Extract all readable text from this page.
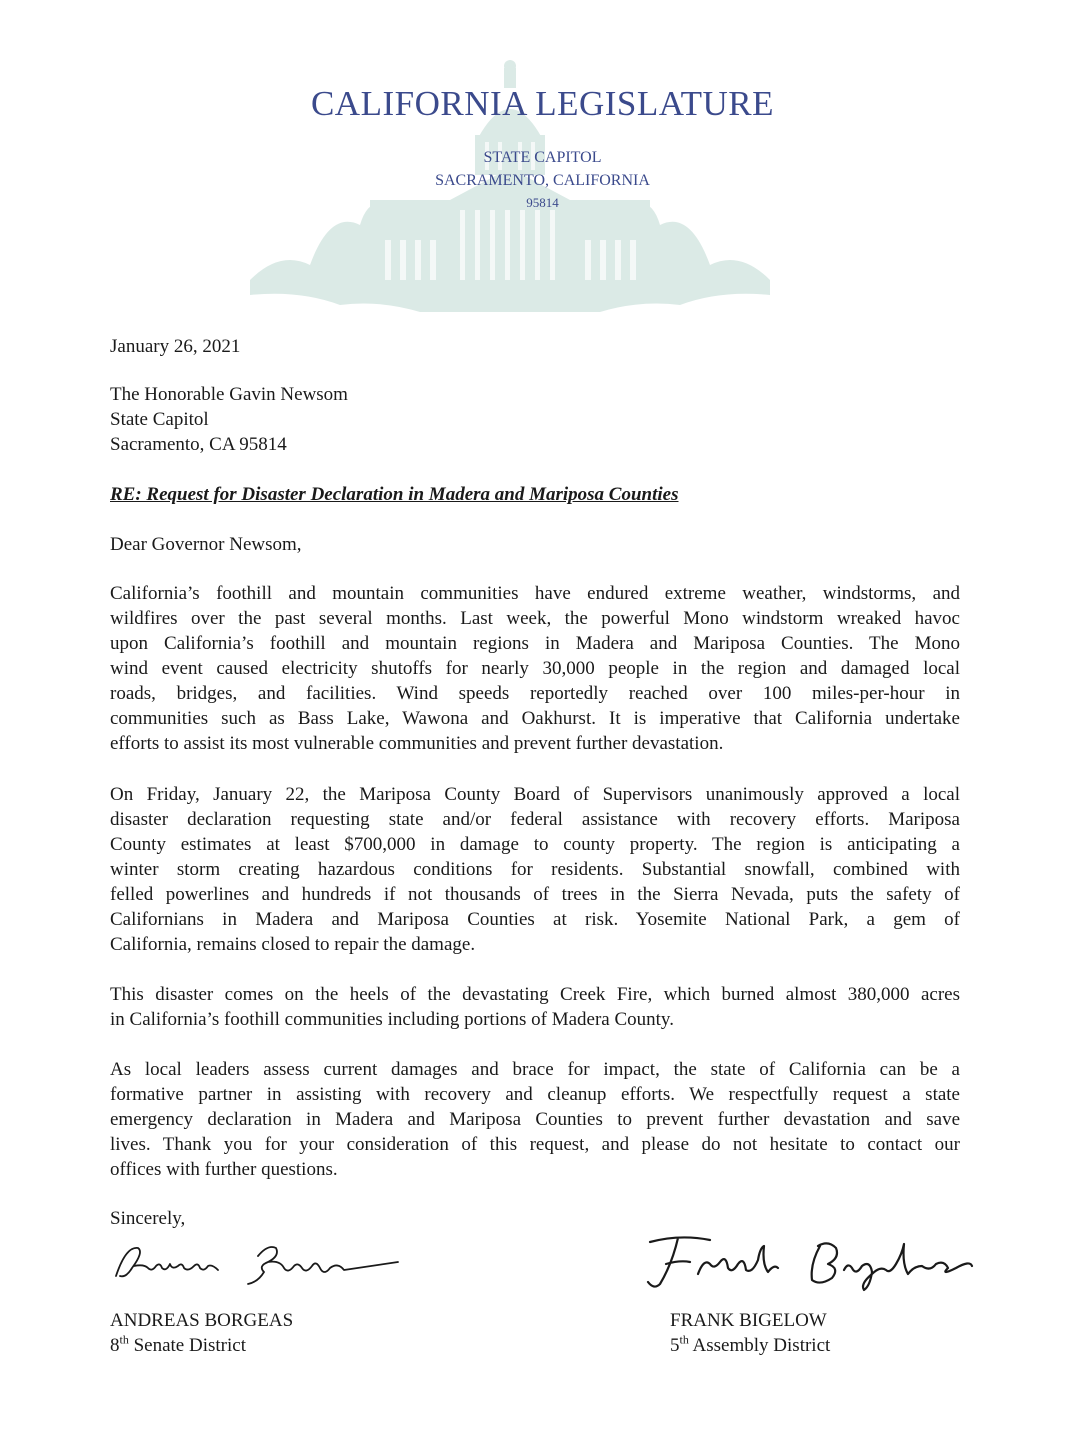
CALIFORNIA LEGISLATURE
STATE CAPITOL
SACRAMENTO, CALIFORNIA
95814
January 26, 2021
The Honorable Gavin Newsom
State Capitol
Sacramento, CA 95814
RE: Request for Disaster Declaration in Madera and Mariposa Counties
Dear Governor Newsom,
California’s foothill and mountain communities have endured extreme weather, windstorms, and
wildfires over the past several months. Last week, the powerful Mono windstorm wreaked havoc
upon California’s foothill and mountain regions in Madera and Mariposa Counties. The Mono
wind event caused electricity shutoffs for nearly 30,000 people in the region and damaged local
roads, bridges, and facilities. Wind speeds reportedly reached over 100 miles-per-hour in
communities such as Bass Lake, Wawona and Oakhurst. It is imperative that California undertake
efforts to assist its most vulnerable communities and prevent further devastation.
On Friday, January 22, the Mariposa County Board of Supervisors unanimously approved a local
disaster declaration requesting state and/or federal assistance with recovery efforts. Mariposa
County estimates at least $700,000 in damage to county property. The region is anticipating a
winter storm creating hazardous conditions for residents. Substantial snowfall, combined with
felled powerlines and hundreds if not thousands of trees in the Sierra Nevada, puts the safety of
Californians in Madera and Mariposa Counties at risk. Yosemite National Park, a gem of
California, remains closed to repair the damage.
This disaster comes on the heels of the devastating Creek Fire, which burned almost 380,000 acres
in California’s foothill communities including portions of Madera County.
As local leaders assess current damages and brace for impact, the state of California can be a
formative partner in assisting with recovery and cleanup efforts. We respectfully request a state
emergency declaration in Madera and Mariposa Counties to prevent further devastation and save
lives. Thank you for your consideration of this request, and please do not hesitate to contact our
offices with further questions.
Sincerely,
ANDREAS BORGEAS
8th Senate District
FRANK BIGELOW
5th Assembly District
